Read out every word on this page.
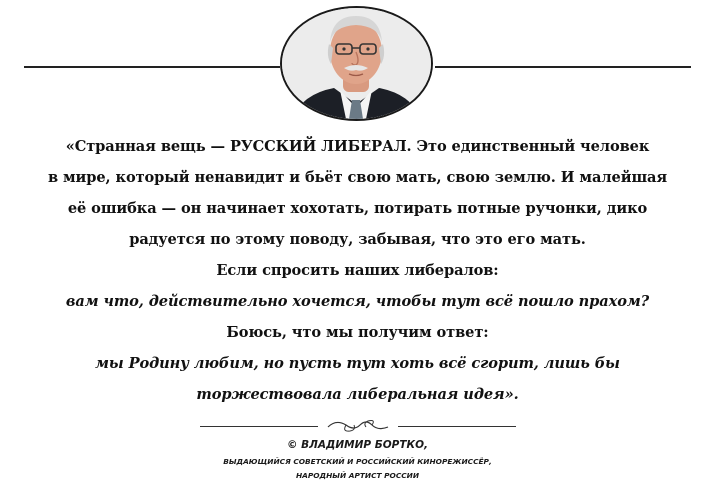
«Странная вещь — РУССКИЙ ЛИБЕРАЛ. Это единственный человек
в мире, который ненавидит и бьёт свою мать, свою землю. И малейшая
её ошибка — он начинает хохотать, потирать потные ручонки, дико
радуется по этому поводу, забывая, что это его мать.
Если спросить наших либералов:
вам что, действительно хочется, чтобы тут всё пошло прахом?
Боюсь, что мы получим ответ:
мы Родину любим, но пусть тут хоть всё сгорит, лишь бы
торжествовала либеральная идея».
© ВЛАДИМИР БОРТКО,
ВЫДАЮЩИЙСЯ СОВЕТСКИЙ И РОССИЙСКИЙ КИНОРЕЖИССЁР,
НАРОДНЫЙ АРТИСТ РОССИИ
